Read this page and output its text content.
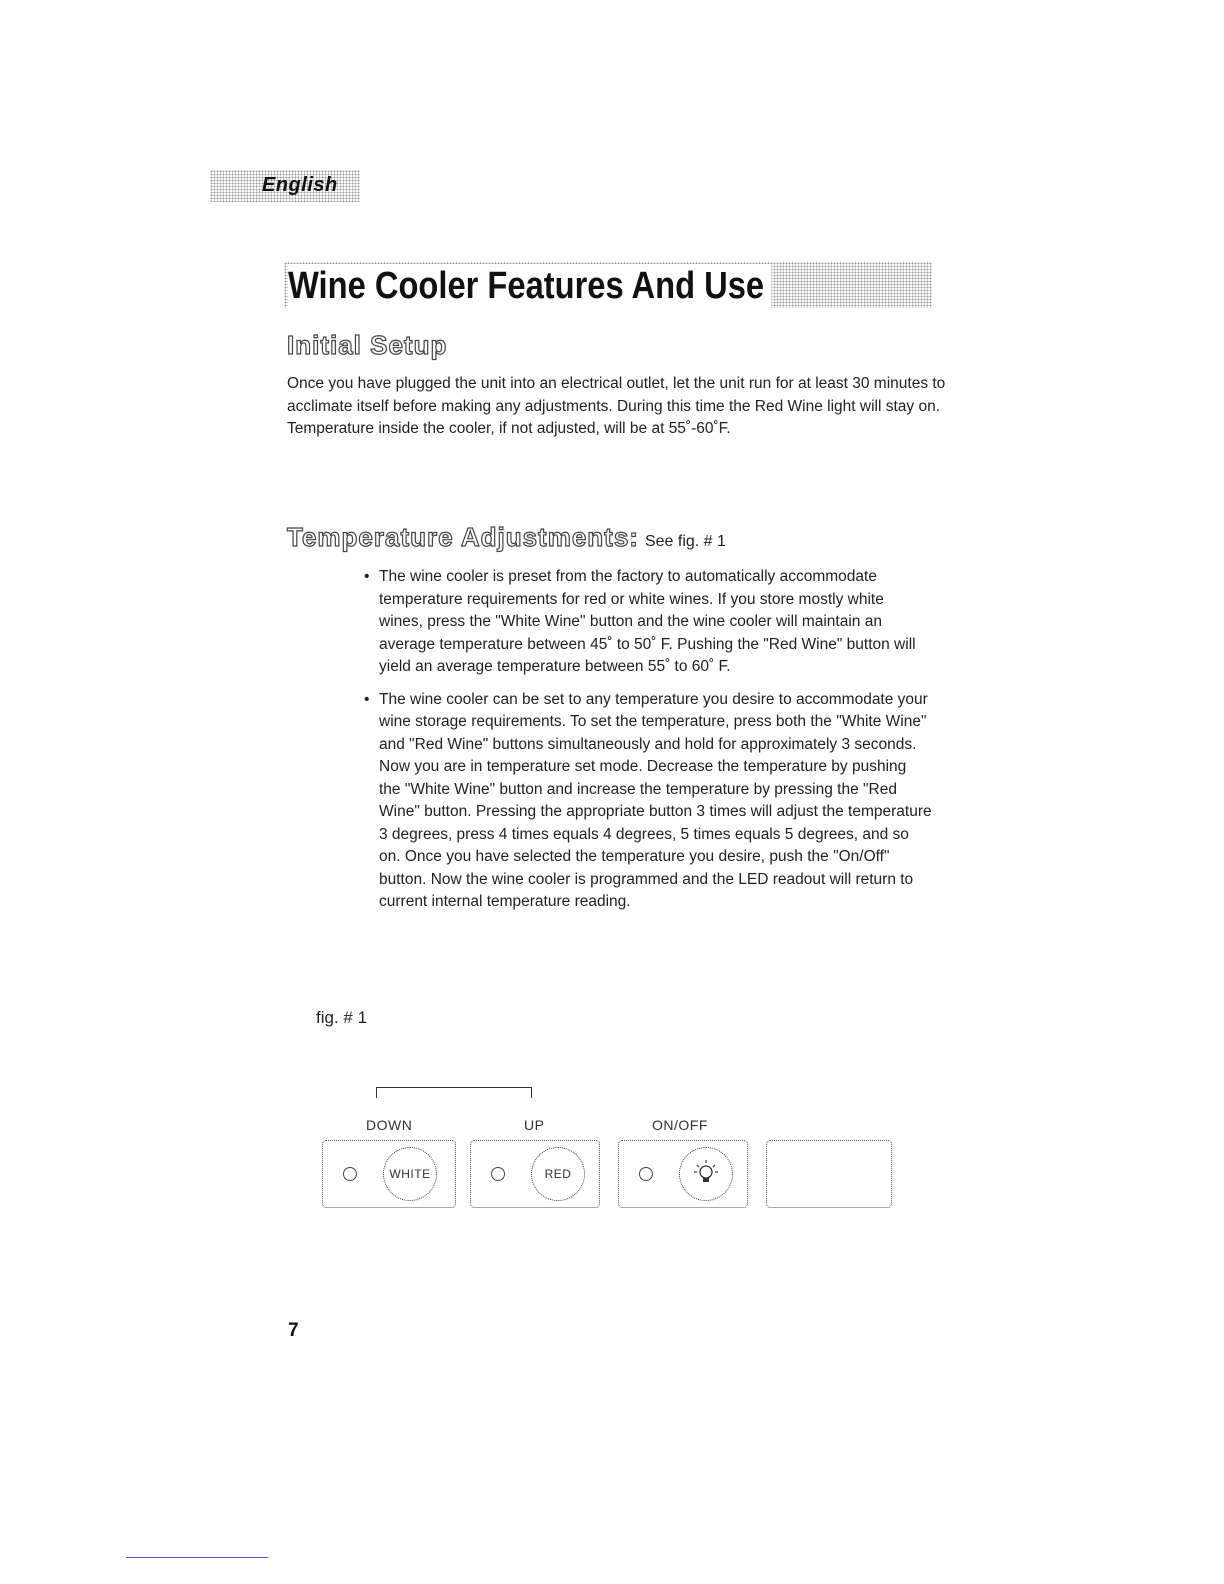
English
Wine Cooler Features And Use
Initial Setup

Once you have plugged the unit into an electrical outlet, let the unit run for at least 30 minutes to acclimate itself before making any adjustments. During this time the Red Wine light will stay on. Temperature inside the cooler, if not adjusted, will be at 55˚-60˚F.

Temperature Adjustments: See fig. # 1
• The wine cooler is preset from the factory to automatically accommodate temperature requirements for red or white wines. If you store mostly white wines, press the "White Wine" button and the wine cooler will maintain an average temperature between 45˚ to 50˚ F. Pushing the "Red Wine" button will yield an average temperature between 55˚ to 60˚ F.
• The wine cooler can be set to any temperature you desire to accommodate your wine storage requirements. To set the temperature, press both the "White Wine" and "Red Wine" buttons simultaneously and hold for approximately 3 seconds. Now you are in temperature set mode. Decrease the temperature by pushing the "White Wine" button and increase the temperature by pressing the "Red Wine" button. Pressing the appropriate button 3 times will adjust the temperature 3 degrees, press 4 times equals 4 degrees, 5 times equals 5 degrees, and so on. Once you have selected the temperature you desire, push the "On/Off" button. Now the wine cooler is programmed and the LED readout will return to current internal temperature reading.
fig. # 1
DOWN	UP	ON/OFF
WHITE	RED
7
